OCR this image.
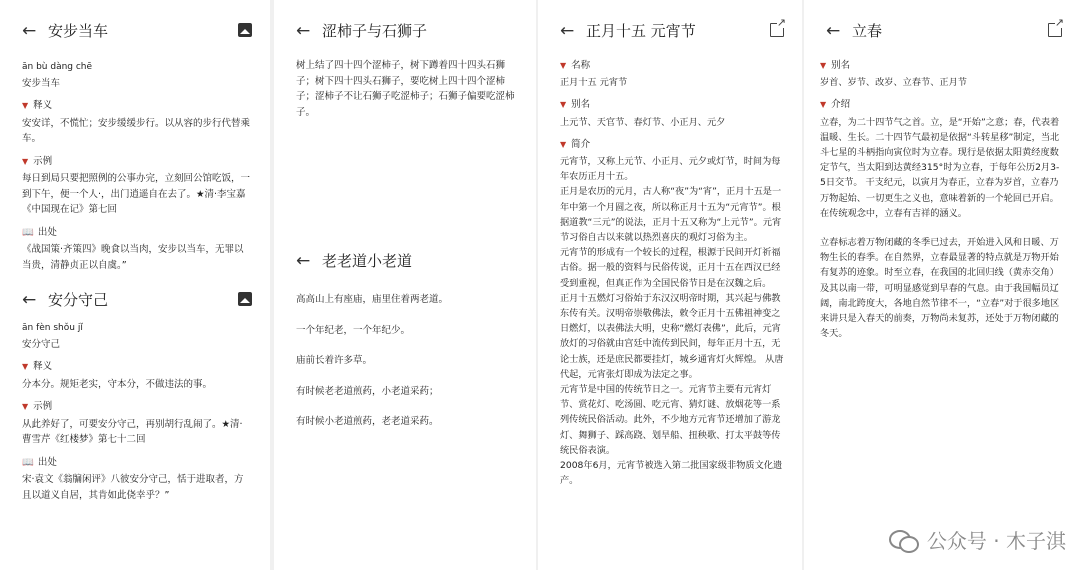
← 安步当车

ān bù dàng chē

安步当车

▼ 释义

安安详，不慌忙；安步缓缓步行。以从容的步行代替乘车。

▼ 示例

每日到局只要把照例的公事办完，立刻回公馆吃饭，一到下午，便一个人·，出门逍遥自在去了。★清·李宝嘉《中国现在记》第七回

📖 出处

《战国策·齐策四》晚食以当肉，安步以当车，无罪以当贵，清静贞正以自虞。”

← 安分守己

ān fèn shǒu jǐ

安分守己

▼ 释义

分本分。规矩老实，守本分，不做违法的事。

▼ 示例

从此养好了，可要安分守己，再别胡行乱闹了。★清·曹雪芹《红楼梦》第七十二回

📖 出处

宋·袁文《翁牖闲评》八彼安分守己，恬于进取者，方且以道义自居，其肯如此侥幸乎？”

← 涩柿子与石狮子

树上结了四十四个涩柿子，树下蹲着四十四头石狮子；树下四十四头石狮子，要吃树上四十四个涩柿子；涩柿子不让石狮子吃涩柿子；石狮子偏要吃涩柿子。

← 老老道小老道

高高山上有座庙，庙里住着两老道。

一个年纪老，一个年纪少。

庙前长着许多草。

有时候老老道煎药，小老道采药；

有时候小老道煎药，老老道采药。

← 正月十五 元宵节
↗
▼ 名称

正月十五 元宵节

▼ 别名

上元节、天官节、春灯节、小正月、元夕

▼ 简介

元宵节，又称上元节、小正月、元夕或灯节，时间为每年农历正月十五。

正月是农历的元月，古人称“夜”为“宵”，正月十五是一年中第一个月圆之夜，所以称正月十五为“元宵节”。根据道教“三元”的说法，正月十五又称为“上元节”。元宵节习俗自古以来就以热烈喜庆的观灯习俗为主。

元宵节的形成有一个较长的过程，根源于民间开灯祈福古俗。据一般的资料与民俗传说，正月十五在西汉已经受到重视，但真正作为全国民俗节日是在汉魏之后。

正月十五燃灯习俗始于东汉汉明帝时期，其兴起与佛教东传有关。汉明帝崇敬佛法，敕令正月十五佛祖神变之日燃灯，以表佛法大明，史称“燃灯表佛”，此后，元宵放灯的习俗就由宫廷中流传到民间，每年正月十五，无论士族，还是庶民都要挂灯，城乡通宵灯火辉煌。 从唐代起，元宵张灯即成为法定之事。

元宵节是中国的传统节日之一。元宵节主要有元宵灯节、赏花灯、吃汤圆、吃元宵、猜灯谜、放烟花等一系列传统民俗活动。此外，不少地方元宵节还增加了游龙灯、舞狮子、踩高跷、划旱船、扭秧歌、打太平鼓等传统民俗表演。

2008年6月，元宵节被选入第二批国家级非物质文化遗产。

← 立春
↗
▼ 别名

岁首、岁节、改岁、立春节、正月节

▼ 介绍

立春，为二十四节气之首。立，是“开始”之意；春，代表着温暖、生长。二十四节气最初是依据“斗转星移”制定，当北斗七星的斗柄指向寅位时为立春。现行是依据太阳黄经度数定节气，当太阳到达黄经315°时为立春，于每年公历2月3-5日交节。 干支纪元，以寅月为春正，立春为岁首，立春乃万物起始、一切更生之义也，意味着新的一个轮回已开启。在传统观念中，立春有吉祥的涵义。

立春标志着万物闭藏的冬季已过去，开始进入风和日暖、万物生长的春季。在自然界，立春最显著的特点就是万物开始有复苏的迹象。时至立春，在我国的北回归线（黄赤交角）及其以南一带，可明显感觉到早春的气息。由于我国幅员辽阔，南北跨度大，各地自然节律不一，“立春”对于很多地区来讲只是入春天的前奏，万物尚未复苏，还处于万物闭藏的冬天。

公众号 · 木子淇
